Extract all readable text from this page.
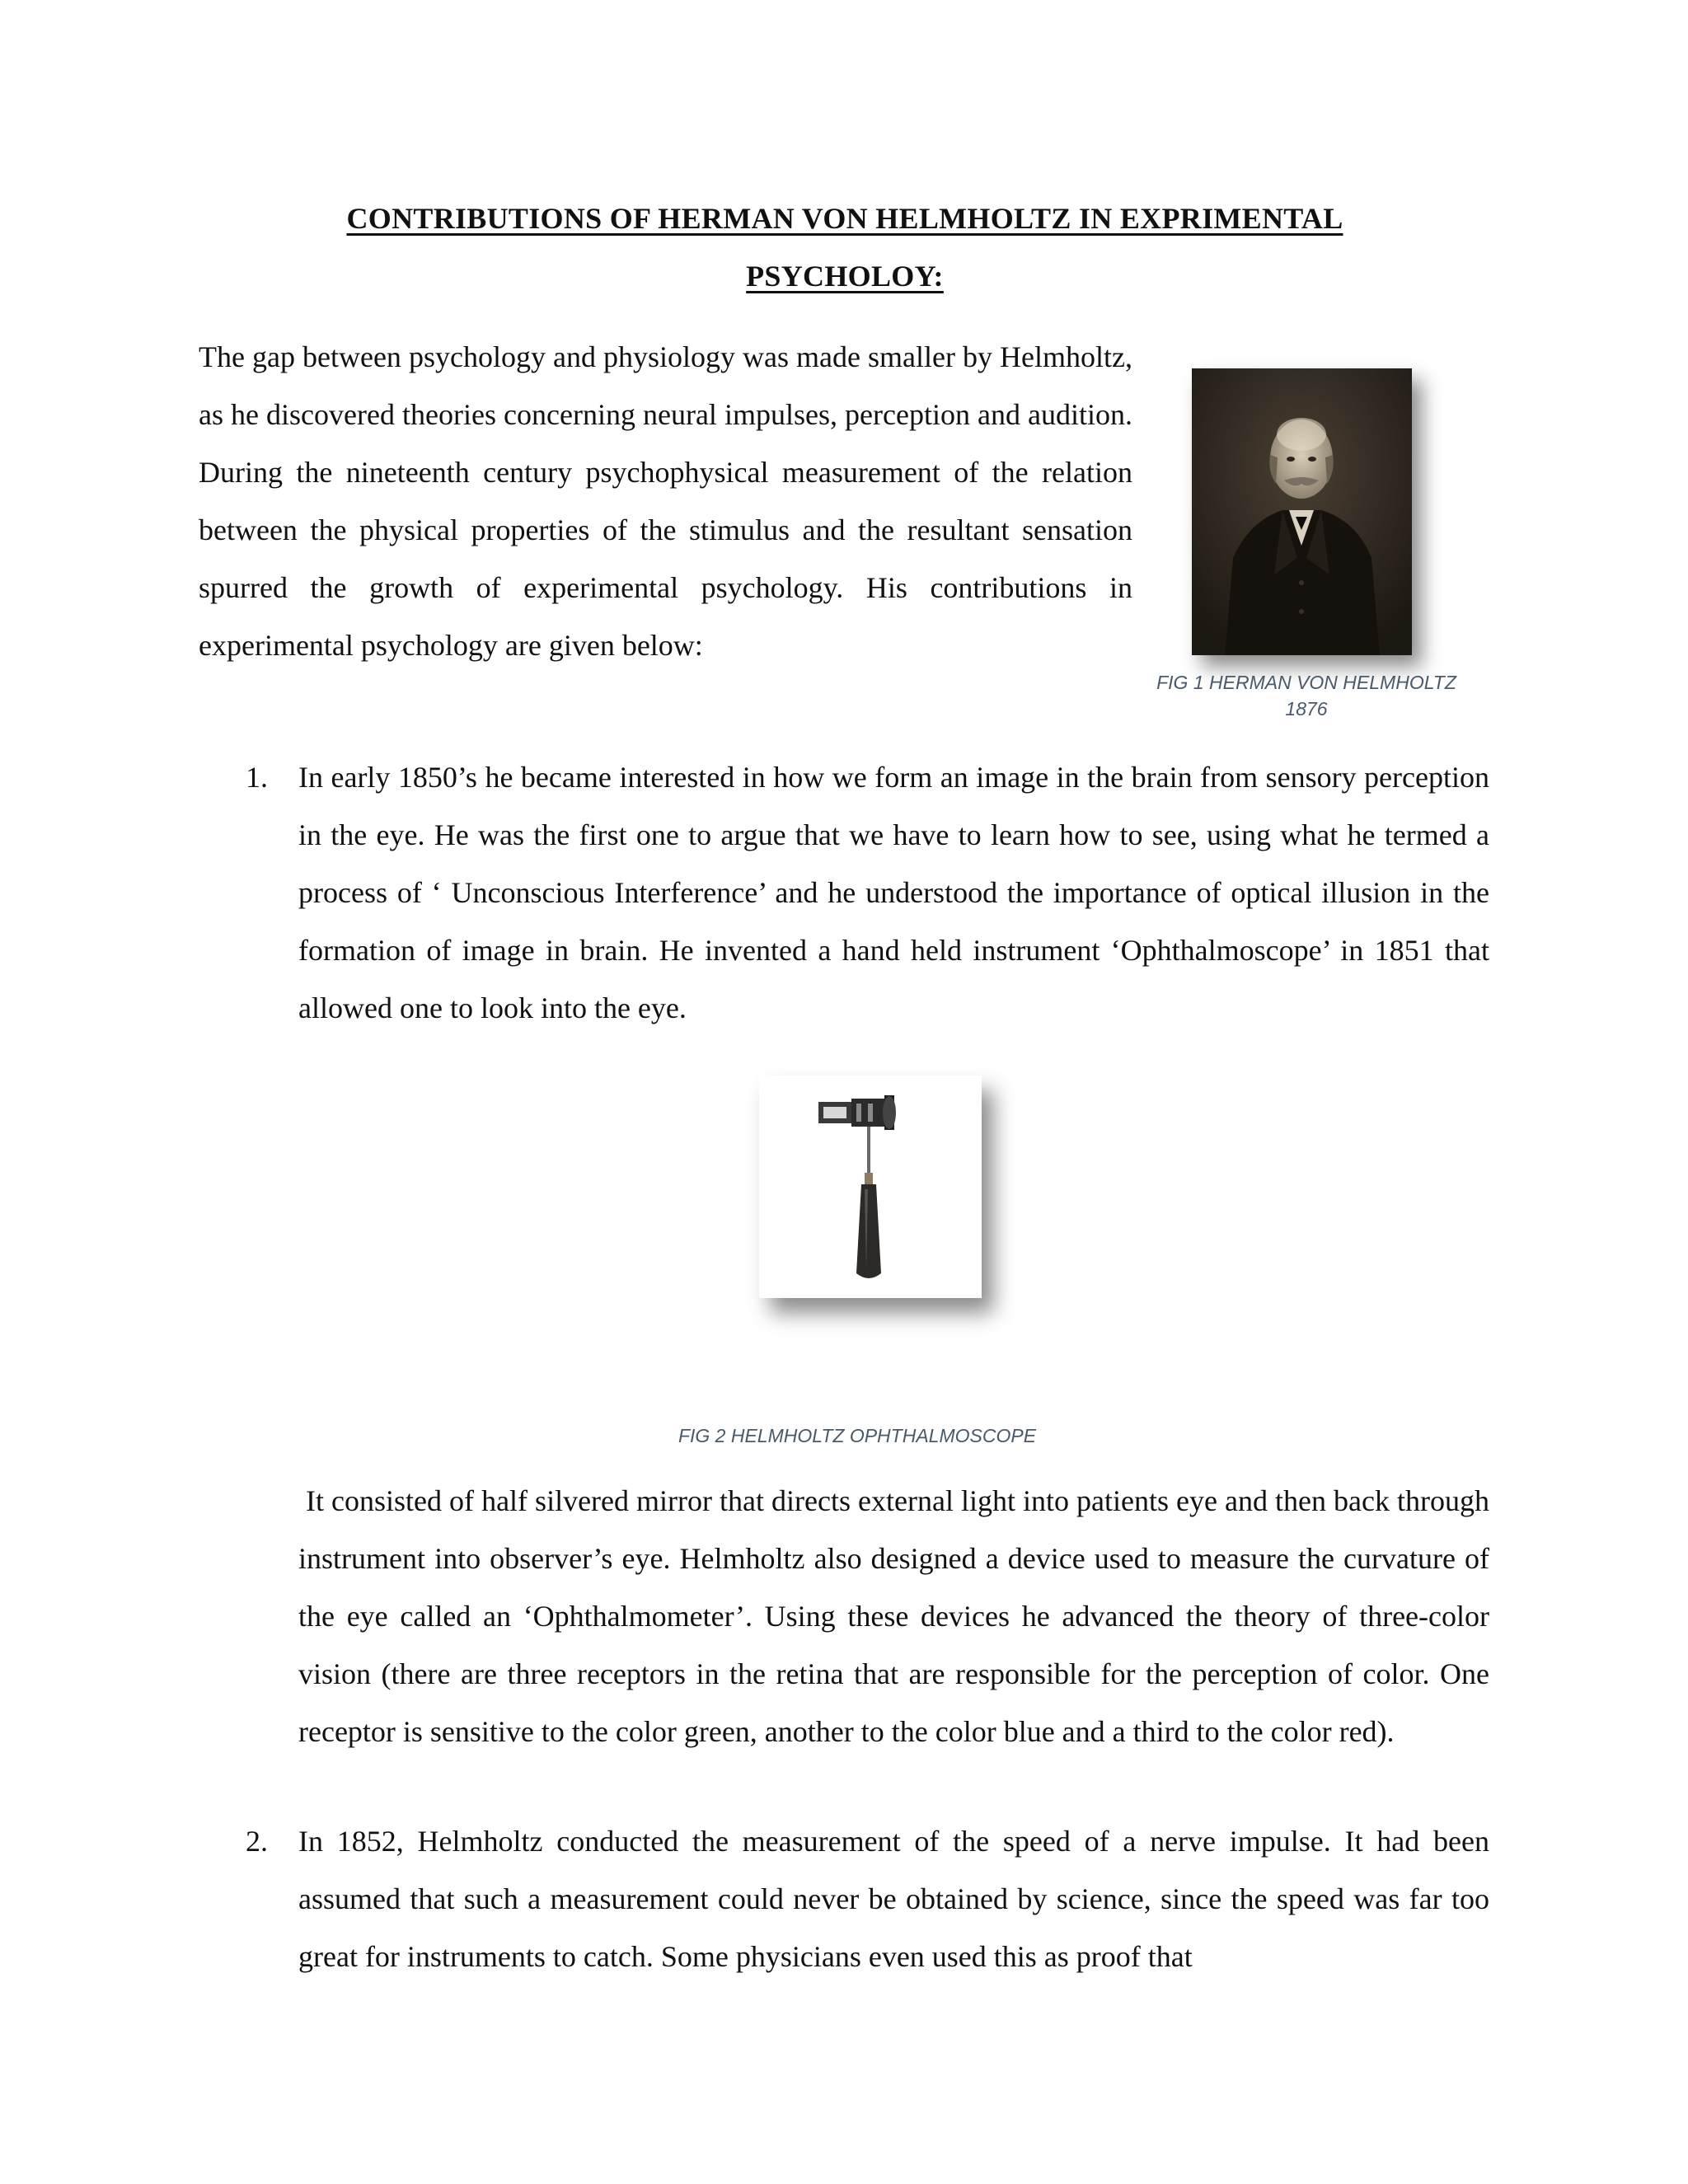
CONTRIBUTIONS OF HERMAN VON HELMHOLTZ IN EXPRIMENTAL
PSYCHOLOY:
The gap between psychology and physiology was made smaller by Helmholtz, as he discovered theories concerning neural impulses, perception and audition. During the nineteenth century psychophysical measurement of the relation between the physical properties of the stimulus and the resultant sensation spurred the growth of experimental psychology. His contributions in experimental psychology are given below:
FIG 1 HERMAN VON HELMHOLTZ
1876
1. In early 1850’s he became interested in how we form an image in the brain from sensory perception in the eye. He was the first one to argue that we have to learn how to see, using what he termed a process of ‘ Unconscious Interference’ and he understood the importance of optical illusion in the formation of image in brain. He invented a hand held instrument ‘Ophthalmoscope’ in 1851 that allowed one to look into the eye.
FIG 2 HELMHOLTZ OPHTHALMOSCOPE
It consisted of half silvered mirror that directs external light into patients eye and then back through instrument into observer’s eye. Helmholtz also designed a device used to measure the curvature of the eye called an ‘Ophthalmometer’. Using these devices he advanced the theory of three-color vision (there are three receptors in the retina that are responsible for the perception of color. One receptor is sensitive to the color green, another to the color blue and a third to the color red).
2. In 1852, Helmholtz conducted the measurement of the speed of a nerve impulse. It had been assumed that such a measurement could never be obtained by science, since the speed was far too great for instruments to catch. Some physicians even used this as proof that
